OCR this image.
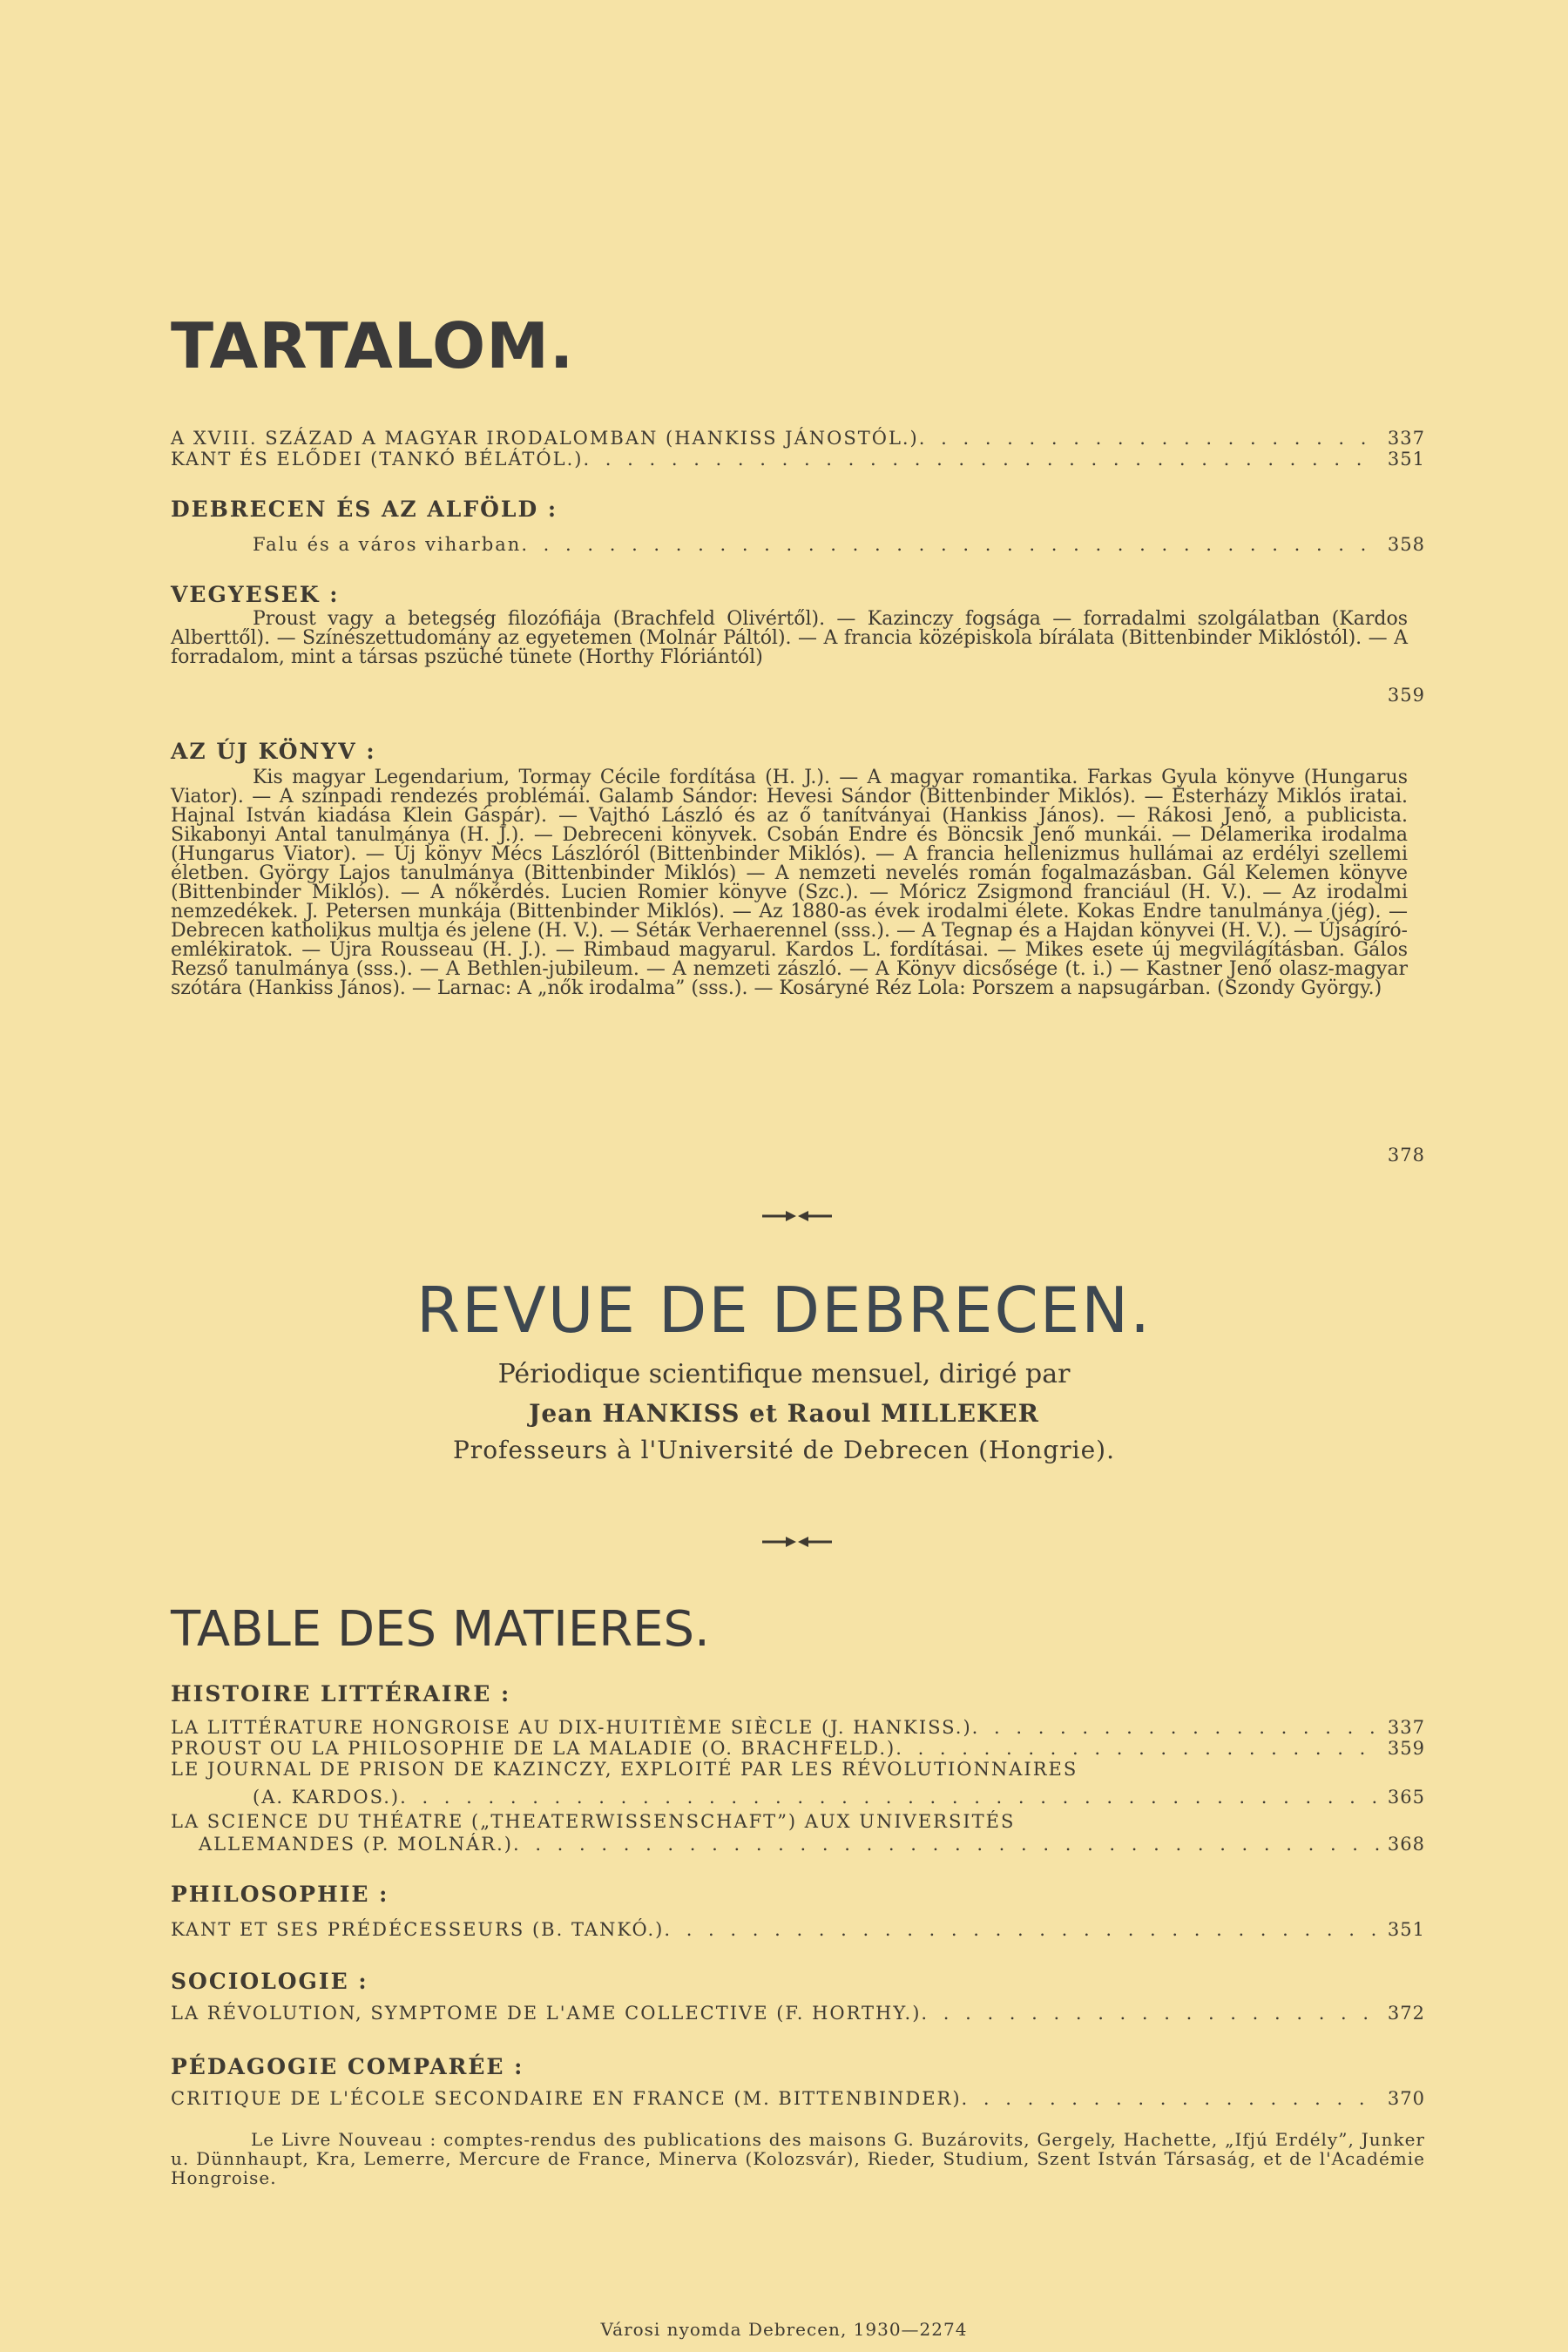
TARTALOM.
A XVIII. SZÁZAD A MAGYAR IRODALOMBAN (HANKISS JÁNOSTÓL.) . . .	337
KANT ÉS ELŐDEI (TANKÓ BÉLÁTÓL.) . . .	351
DEBRECEN ÉS AZ ALFÖLD :
Falu és a város viharban . . .	358
VEGYESEK :
Proust vagy a betegség filozófiája (Brachfeld Olivértől). — Kazinczy fogsága — forradalmi szolgálatban (Kardos Alberttől). — Színészettudomány az egyetemen (Molnár Páltól). — A francia középiskola bírálata (Bittenbinder Miklóstól). — A forradalom, mint a társas pszüché tünete (Horthy Flóriántól)
359
AZ ÚJ KÖNYV :
Kis magyar Legendarium, Tormay Cécile fordítása (H. J.). — A magyar romantika. Farkas Gyula könyve (Hungarus Viator). — A színpadi rendezés problémái. Galamb Sándor: Hevesi Sándor (Bittenbinder Miklós). — Esterházy Miklós iratai. Hajnal István kiadása Klein Gáspár). — Vajthó László és az ő tanítványai (Hankiss János). — Rákosi Jenő, a publicista. Sikabonyi Antal tanulmánya (H. J.). — Debreceni könyvek. Csobán Endre és Böncsik Jenő munkái. — Délamerika irodalma (Hungarus Viator). — Új könyv Mécs Lászlóról (Bittenbinder Miklós). — A francia hellenizmus hullámai az erdélyi szellemi életben. György Lajos tanulmánya (Bittenbinder Miklós) — A nemzeti nevelés román fogalmazásban. Gál Kelemen könyve (Bittenbinder Miklós). — A nőkérdés. Lucien Romier könyve (Szc.). — Móricz Zsigmond franciául (H. V.). — Az irodalmi nemzedékek. J. Petersen munkája (Bittenbinder Miklós). — Az 1880-as évek irodalmi élete. Kokas Endre tanulmánya (jég). — Debrecen katholikus multja és jelene (H. V.). — Sétáк Verhaerennel (sss.). — A Tegnap és a Hajdan könyvei (H. V.). — Újságíró-emlékiratok. — Újra Rousseau (H. J.). — Rimbaud magyarul. Kardos L. fordításai. — Mikes esete új megvilágításban. Gálos Rezső tanulmánya (sss.). — A Bethlen-jubileum. — A nemzeti zászló. — A Könyv dicsősége (t. i.) — Kastner Jenő olasz-magyar szótára (Hankiss János). — Larnac: A „nők irodalma” (sss.). — Kosáryné Réz Lola: Porszem a napsugárban. (Szondy György.)
378
REVUE DE DEBRECEN.
Périodique scientifique mensuel, dirigé par
Jean HANKISS et Raoul MILLEKER
Professeurs à l'Université de Debrecen (Hongrie).
TABLE DES MATIERES.
HISTOIRE LITTÉRAIRE :
LA LITTÉRATURE HONGROISE AU DIX-HUITIÈME SIÈCLE (J. HANKISS.) . . .	337
PROUST OU LA PHILOSOPHIE DE LA MALADIE (O. BRACHFELD.) . . .	359
LE JOURNAL DE PRISON DE KAZINCZY, EXPLOITÉ PAR LES RÉVOLUTIONNAIRES
(A. KARDOS.) . . .	365
LA SCIENCE DU THÉATRE („THEATERWISSENSCHAFT”) AUX UNIVERSITÉS
ALLEMANDES (P. MOLNÁR.) . . .	368
PHILOSOPHIE :
KANT ET SES PRÉDÉCESSEURS (B. TANKÓ.) . . .	351
SOCIOLOGIE :
LA RÉVOLUTION, SYMPTOME DE L'AME COLLECTIVE (F. HORTHY.) . . .	372
PÉDAGOGIE COMPARÉE :
CRITIQUE DE L'ÉCOLE SECONDAIRE EN FRANCE (M. BITTENBINDER) . . .	370
Le Livre Nouveau : comptes-rendus des publications des maisons G. Buzárovits, Gergely, Hachette, „Ifjú Erdély”, Junker u. Dünnhaupt, Kra, Lemerre, Mercure de France, Minerva (Kolozsvár), Rieder, Studium, Szent István Társaság, et de l'Académie Hongroise.
Városi nyomda Debrecen, 1930—2274
